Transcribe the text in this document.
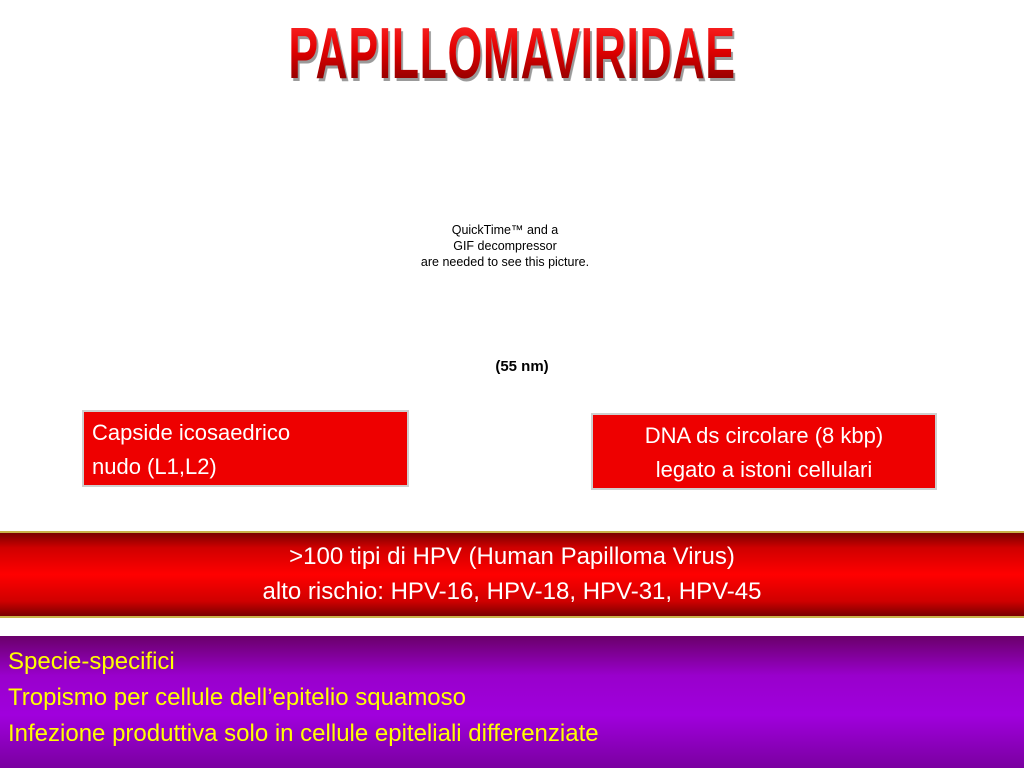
PAPILLOMAVIRIDAE
QuickTime™ and a
GIF decompressor
are needed to see this picture.
(55 nm)
Capside icosaedrico
nudo (L1,L2)
DNA ds circolare (8 kbp)
legato a istoni cellulari
>100 tipi di HPV (Human Papilloma Virus)
alto rischio: HPV-16, HPV-18, HPV-31, HPV-45
Specie-specifici
Tropismo per cellule dell’epitelio squamoso
Infezione produttiva solo in cellule epiteliali differenziate
